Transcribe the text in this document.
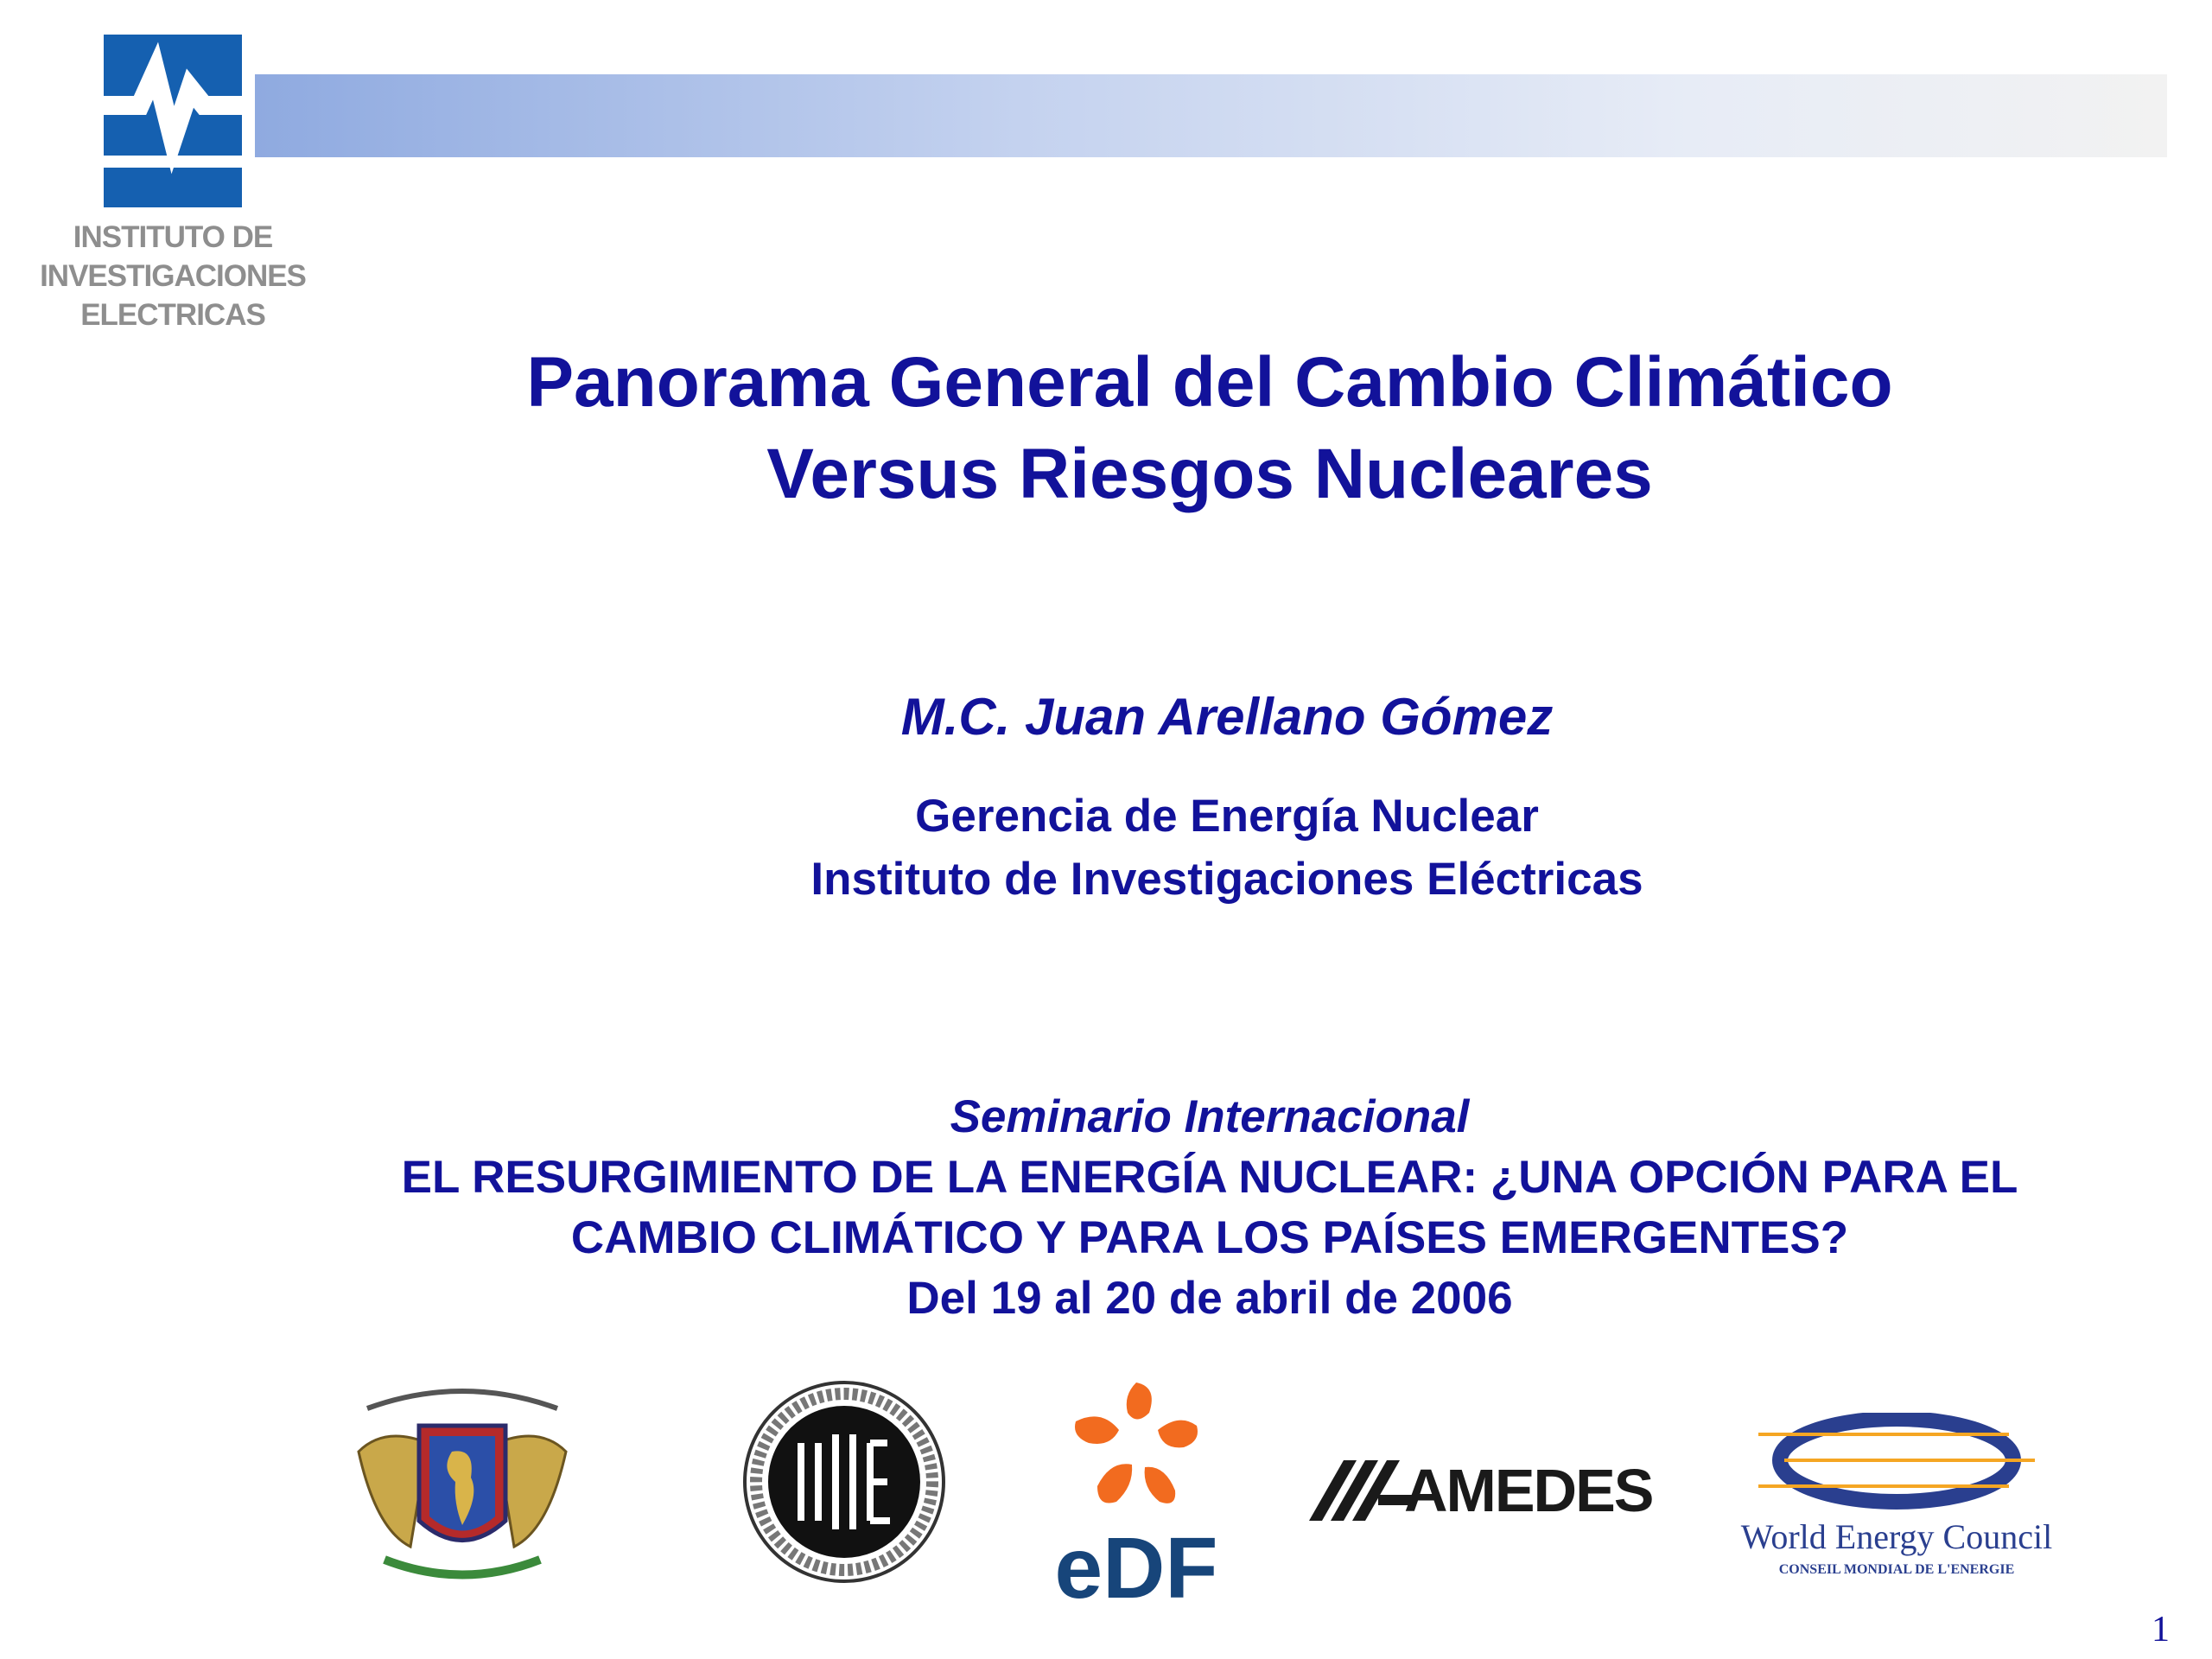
INSTITUTO DE
INVESTIGACIONES
ELECTRICAS
Panorama General del Cambio Climático
Versus Riesgos Nucleares
M.C. Juan Arellano Gómez
Gerencia de Energía Nuclear
Instituto de Investigaciones Eléctricas
Seminario Internacional
EL RESURGIMIENTO DE LA ENERGÍA NUCLEAR: ¿UNA OPCIÓN PARA EL
CAMBIO CLIMÁTICO Y PARA LOS PAÍSES EMERGENTES?
Del 19 al 20 de abril de 2006
eDF
AMEDES
World Energy Council
CONSEIL MONDIAL DE L'ENERGIE
1
